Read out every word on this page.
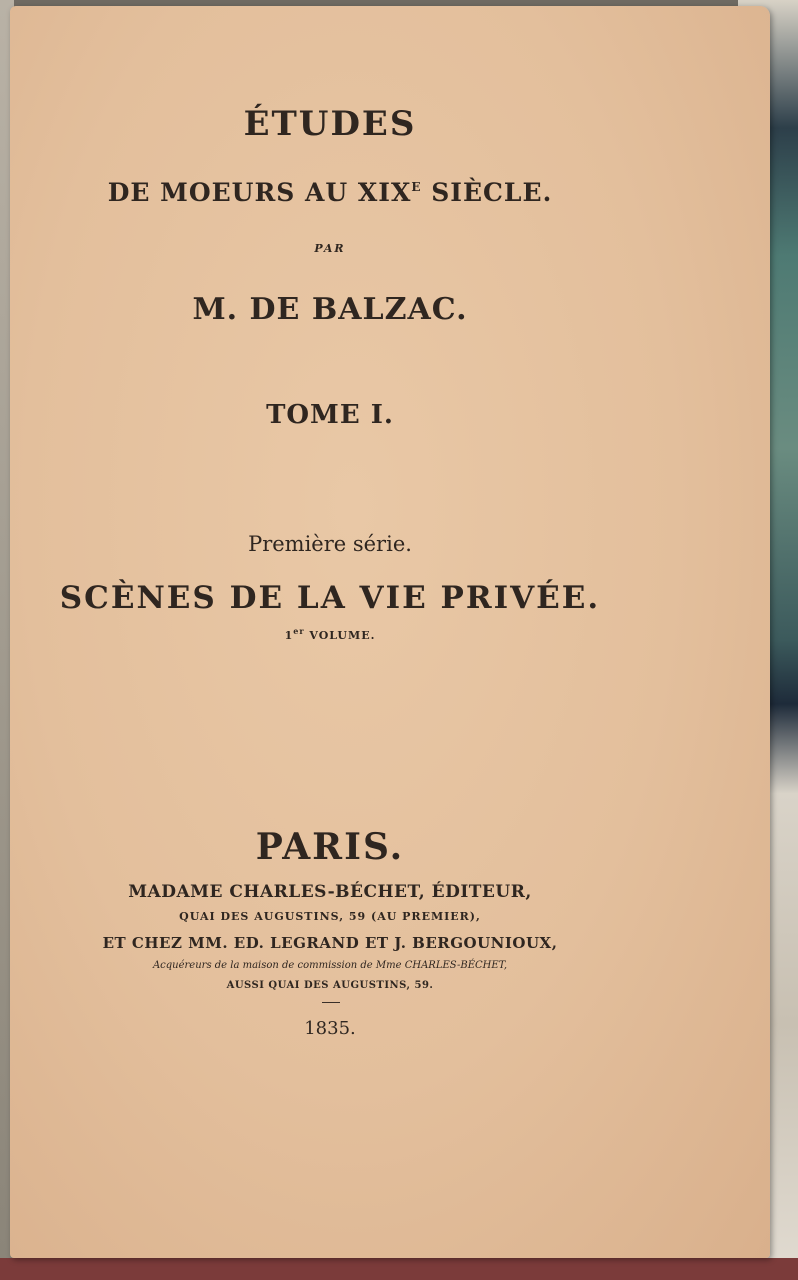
ÉTUDES
DE MOEURS AU $XIX^E$ SIÈCLE.
PAR
M. DE BALZAC.
TOME I.
Première série.
SCÈNES DE LA VIE PRIVÉE.
1er VOLUME.
PARIS.
MADAME CHARLES-BÉCHET, ÉDITEUR,
QUAI DES AUGUSTINS, 59 (AU PREMIER),
ET CHEZ MM. ED. LEGRAND ET J. BERGOUNIOUX,
Acquéreurs de la maison de commission de Mme CHARLES-BÉCHET,
AUSSI QUAI DES AUGUSTINS, 59.
1835.
